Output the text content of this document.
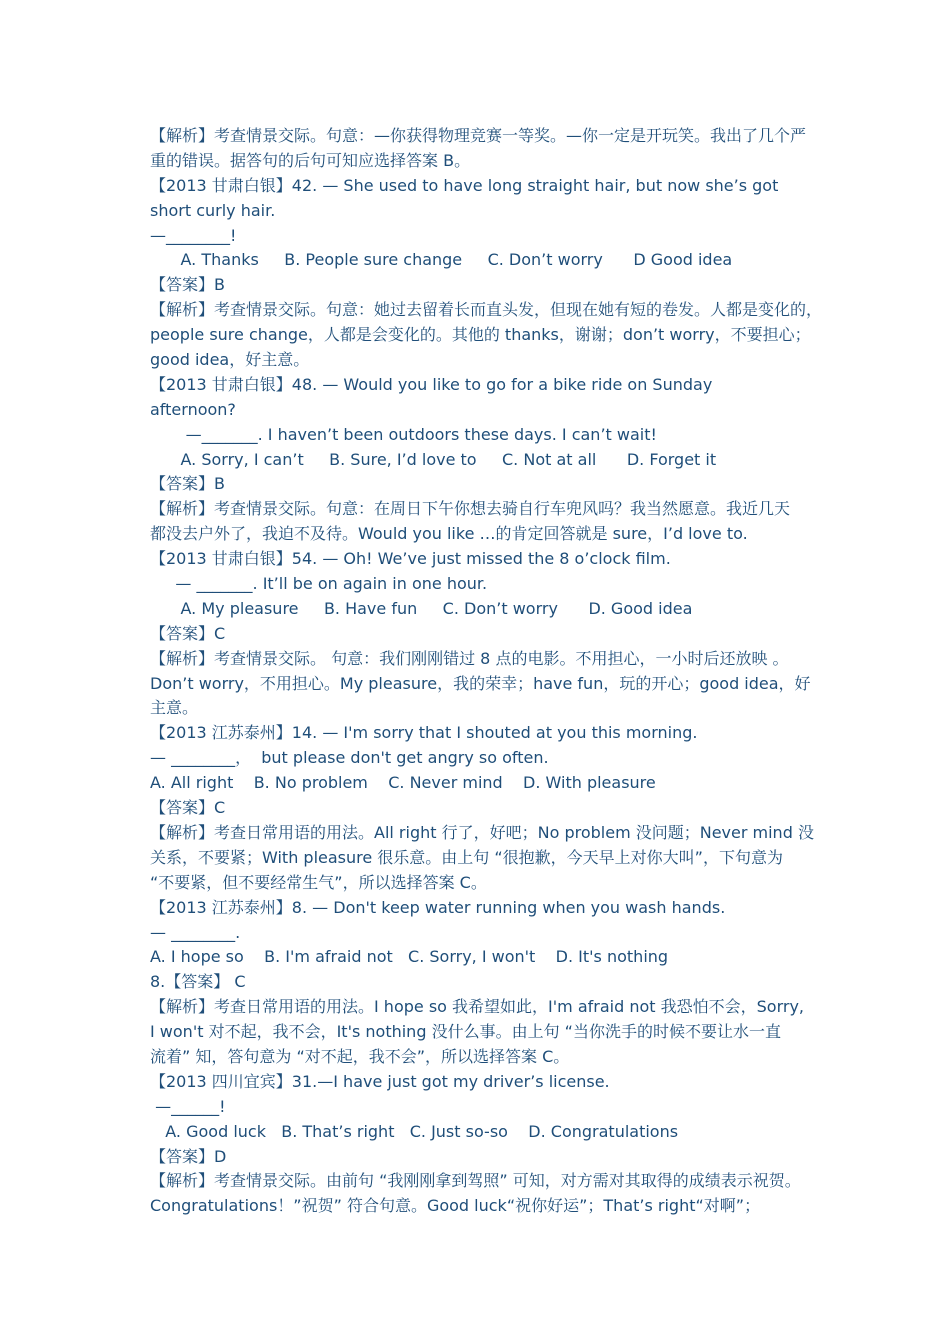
【解析】考查情景交际。句意：—你获得物理竞赛一等奖。—你一定是开玩笑。我出了几个严
重的错误。据答句的后句可知应选择答案 B。
【2013 甘肃白银】42. — She used to have long straight hair, but now she’s got
short curly hair.
—________!
A. Thanks     B. People sure change     C. Don’t worry      D Good idea
【答案】B
【解析】考查情景交际。句意：她过去留着长而直头发，但现在她有短的卷发。人都是变化的，
people sure change，人都是会变化的。其他的 thanks，谢谢；don’t worry，不要担心；
good idea，好主意。
【2013 甘肃白银】48. — Would you like to go for a bike ride on Sunday
afternoon?
—_______. I haven’t been outdoors these days. I can’t wait!
A. Sorry, I can’t     B. Sure, I’d love to     C. Not at all      D. Forget it
【答案】B
【解析】考查情景交际。句意：在周日下午你想去骑自行车兜风吗？我当然愿意。我近几天
都没去户外了，我迫不及待。Would you like …的肯定回答就是 sure，I’d love to.
【2013 甘肃白银】54. — Oh! We’ve just missed the 8 o’clock film.
— _______. It’ll be on again in one hour.
A. My pleasure     B. Have fun     C. Don’t worry      D. Good idea
【答案】C
【解析】考查情景交际。 句意：我们刚刚错过 8 点的电影。不用担心，一小时后还放映 。
Don’t worry，不用担心。My pleasure，我的荣幸；have fun，玩的开心；good idea，好
主意。
【2013 江苏泰州】14. — I'm sorry that I shouted at you this morning.
— ________，  but please don't get angry so often.
A. All right    B. No problem    C. Never mind    D. With pleasure
【答案】C
【解析】考查日常用语的用法。All right 行了，好吧；No problem 没问题；Never mind 没
关系，不要紧；With pleasure 很乐意。由上句 “很抱歉，今天早上对你大叫”，下句意为
“不要紧，但不要经常生气”，所以选择答案 C。
【2013 江苏泰州】8. — Don't keep water running when you wash hands.
— ________.
A. I hope so    B. I'm afraid not   C. Sorry, I won't    D. It's nothing
8.【答案】 C
【解析】考查日常用语的用法。I hope so 我希望如此，I'm afraid not 我恐怕不会，Sorry,
I won't 对不起，我不会，It's nothing 没什么事。由上句 “当你洗手的时候不要让水一直
流着” 知，答句意为 “对不起，我不会”，所以选择答案 C。
【2013 四川宜宾】31.—I have just got my driver’s license.
—______!
A. Good luck   B. That’s right   C. Just so-so    D. Congratulations
【答案】D
【解析】考查情景交际。由前句 “我刚刚拿到驾照” 可知，对方需对其取得的成绩表示祝贺。
Congratulations！”祝贺” 符合句意。Good luck“祝你好运”；That’s right“对啊”；
